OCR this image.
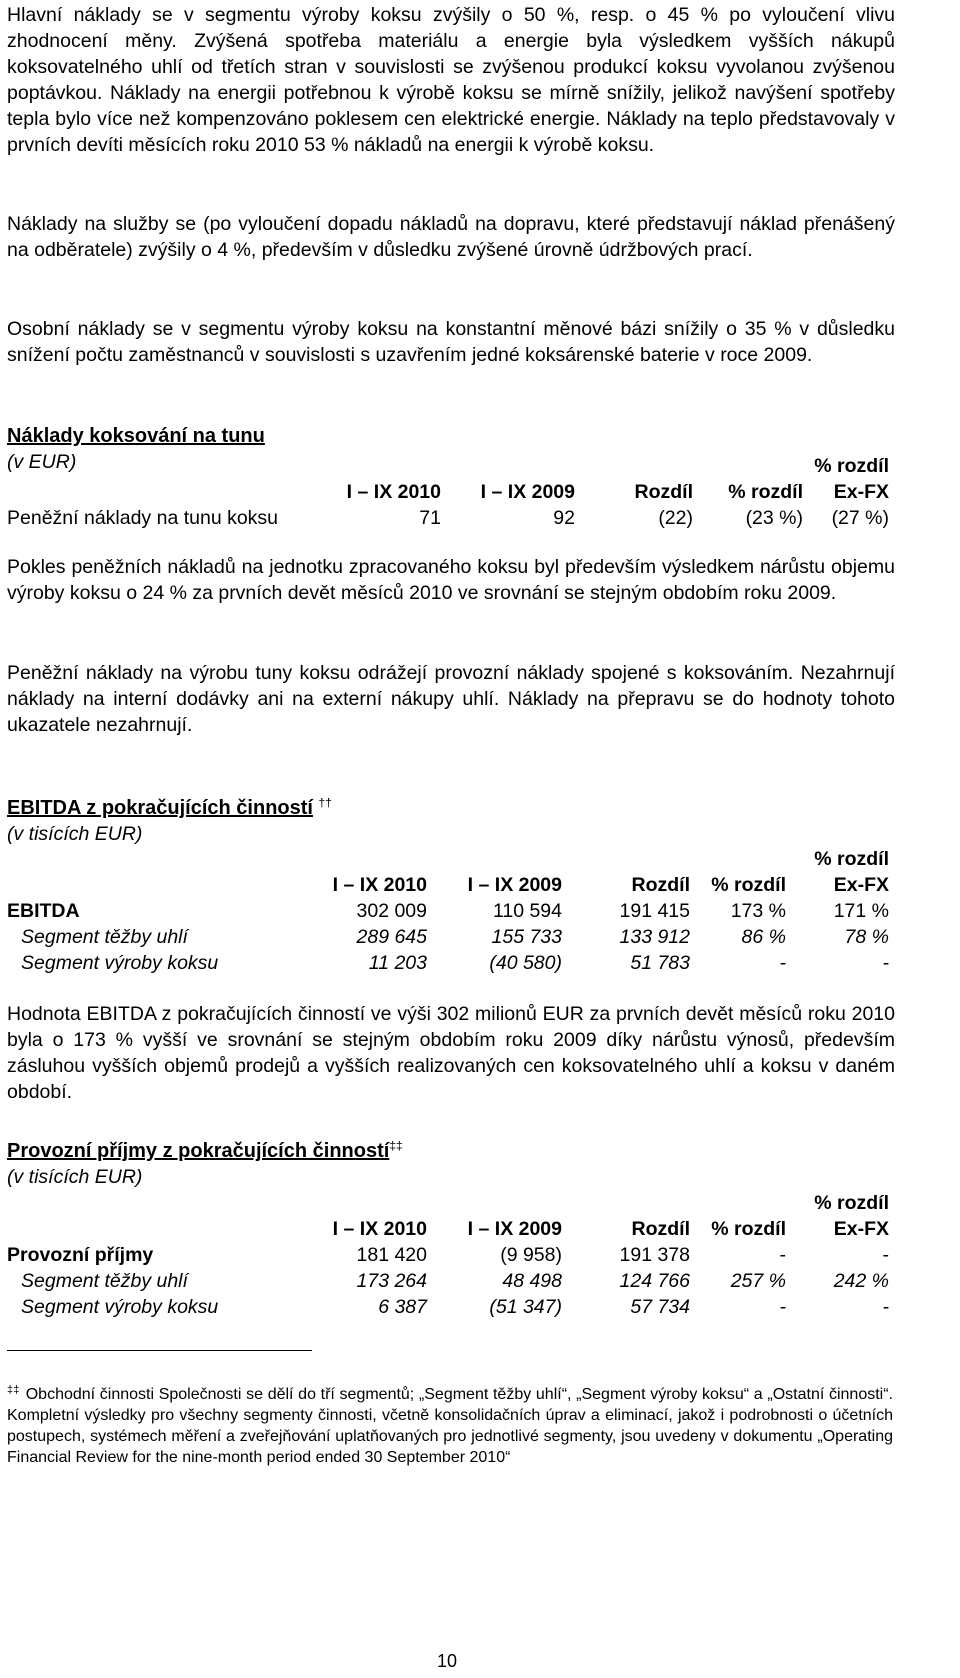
Hlavní náklady se v segmentu výroby koksu zvýšily o 50 %, resp. o 45 % po vyloučení vlivu zhodnocení měny. Zvýšená spotřeba materiálu a energie byla výsledkem vyšších nákupů koksovatelného uhlí od třetích stran v souvislosti se zvýšenou produkcí koksu vyvolanou zvýšenou poptávkou. Náklady na energii potřebnou k výrobě koksu se mírně snížily, jelikož navýšení spotřeby tepla bylo více než kompenzováno poklesem cen elektrické energie. Náklady na teplo představovaly v prvních devíti měsících roku 2010 53 % nákladů na energii k výrobě koksu.

Náklady na služby se (po vyloučení dopadu nákladů na dopravu, které představují náklad přenášený na odběratele) zvýšily o 4 %, především v důsledku zvýšené úrovně údržbových prací.

Osobní náklady se v segmentu výroby koksu na konstantní měnové bázi snížily o 35 % v důsledku snížení počtu zaměstnanců v souvislosti s uzavřením jedné koksárenské baterie v roce 2009.

Náklady koksování na tunu

(v EUR)

						% rozdíl
	I – IX 2010	I – IX 2009	Rozdíl	% rozdíl	Ex-FX
Peněžní náklady na tunu koksu	71	92	(22)	(23 %)	(27 %)

Pokles peněžních nákladů na jednotku zpracovaného koksu byl především výsledkem nárůstu objemu výroby koksu o 24 % za prvních devět měsíců 2010 ve srovnání se stejným obdobím roku 2009.

Peněžní náklady na výrobu tuny koksu odrážejí provozní náklady spojené s koksováním. Nezahrnují náklady na interní dodávky ani na externí nákupy uhlí. Náklady na přepravu se do hodnoty tohoto ukazatele nezahrnují.

EBITDA z pokračujících činností ††

(v tisících EUR)

					% rozdíl
	I – IX 2010	I – IX 2009	Rozdíl	% rozdíl	Ex-FX
EBITDA	302 009	110 594	191 415	173 %	171 %
Segment těžby uhlí	289 645	155 733	133 912	86 %	78 %
Segment výroby koksu	11 203	(40 580)	51 783	-	-

Hodnota EBITDA z pokračujících činností ve výši 302 milionů EUR za prvních devět měsíců roku 2010 byla o 173 % vyšší ve srovnání se stejným obdobím roku 2009 díky nárůstu výnosů, především zásluhou vyšších objemů prodejů a vyšších realizovaných cen koksovatelného uhlí a koksu v daném období.

Provozní příjmy z pokračujících činností‡‡

(v tisících EUR)

					% rozdíl
	I – IX 2010	I – IX 2009	Rozdíl	% rozdíl	Ex-FX
Provozní příjmy	181 420	(9 958)	191 378	-	-
Segment těžby uhlí	173 264	48 498	124 766	257 %	242 %
Segment výroby koksu	6 387	(51 347)	57 734	-	-

‡‡ Obchodní činnosti Společnosti se dělí do tří segmentů; „Segment těžby uhlí“, „Segment výroby koksu“ a „Ostatní činnosti“. Kompletní výsledky pro všechny segmenty činnosti, včetně konsolidačních úprav a eliminací, jakož i podrobnosti o účetních postupech, systémech měření a zveřejňování uplatňovaných pro jednotlivé segmenty, jsou uvedeny v dokumentu „Operating Financial Review for the nine-month period ended 30 September 2010“

10
